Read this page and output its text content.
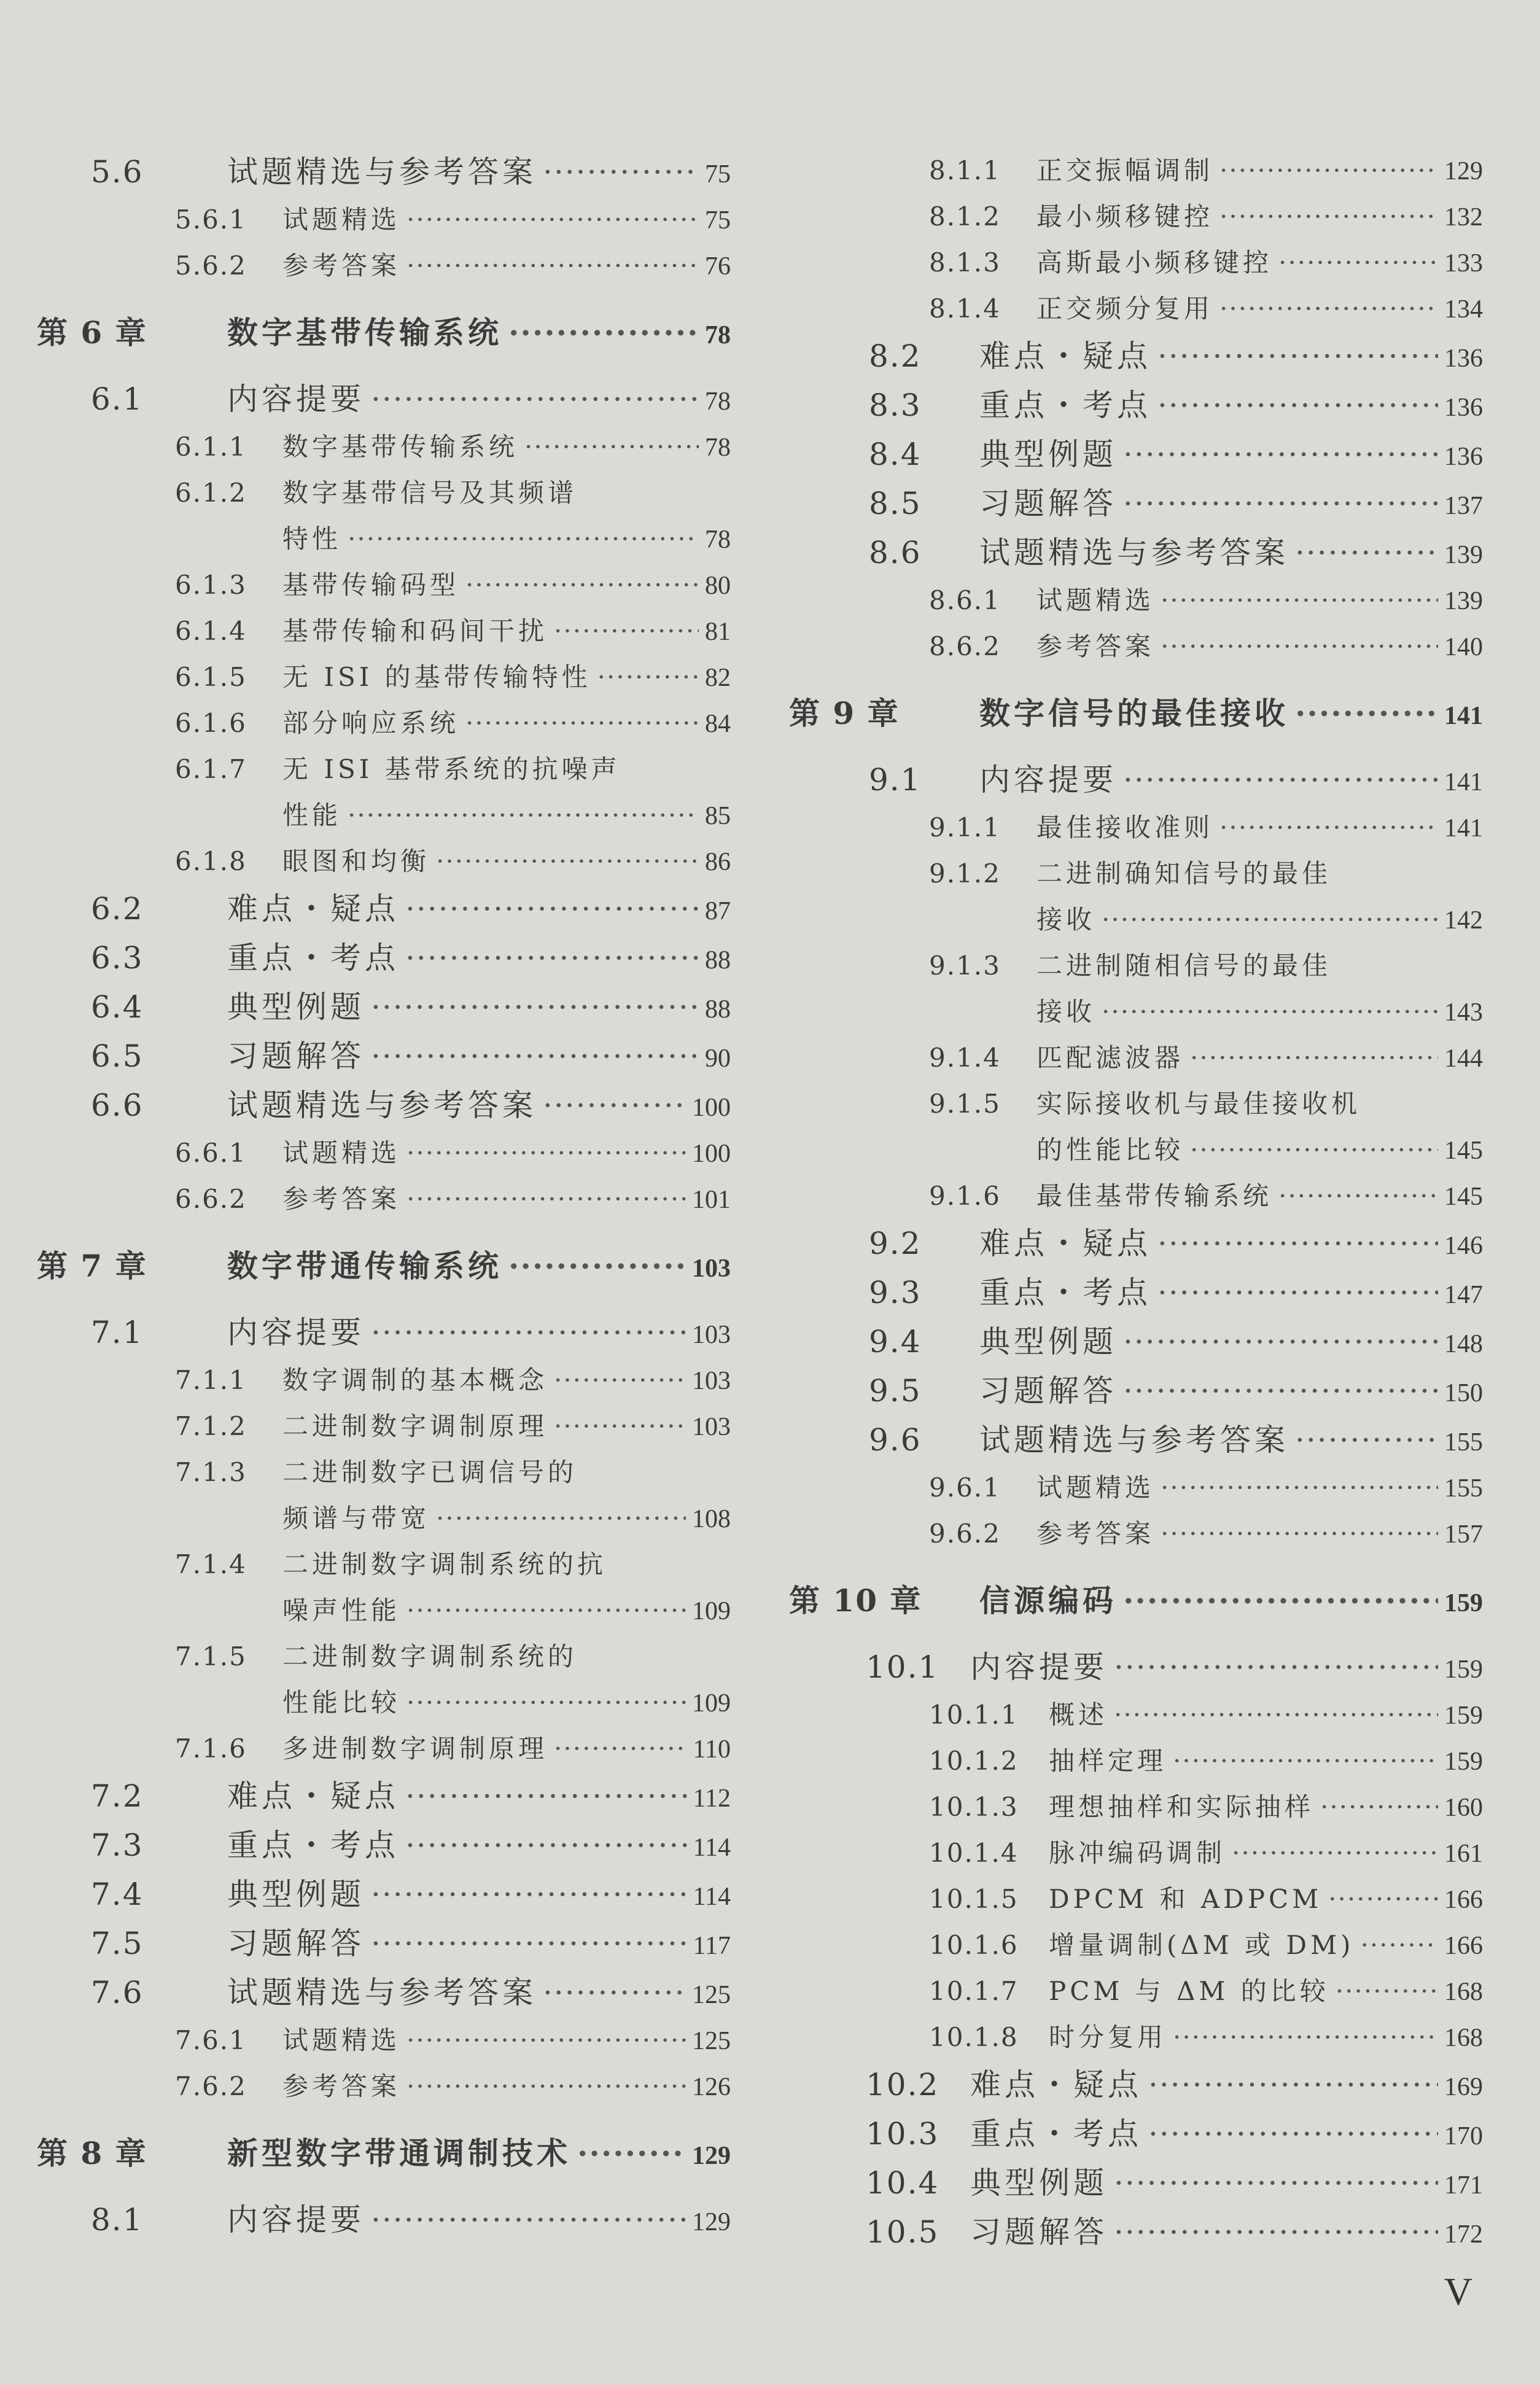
5.6	试题精选与参考答案 ·····	75
5.6.1	试题精选 ·····	75
5.6.2	参考答案 ·····	76
第 6 章	数字基带传输系统 ·····	78
6.1	内容提要 ·····	78
6.1.1	数字基带传输系统 ·····	78
6.1.2	数字基带信号及其频谱
特性 ·····	78
6.1.3	基带传输码型 ·····	80
6.1.4	基带传输和码间干扰 ·····	81
6.1.5	无 ISI 的基带传输特性 ·····	82
6.1.6	部分响应系统 ·····	84
6.1.7	无 ISI 基带系统的抗噪声
性能 ·····	85
6.1.8	眼图和均衡 ·····	86
6.2	难点・疑点 ·····	87
6.3	重点・考点 ·····	88
6.4	典型例题 ·····	88
6.5	习题解答 ·····	90
6.6	试题精选与参考答案 ·····	100
6.6.1	试题精选 ·····	100
6.6.2	参考答案 ·····	101
第 7 章	数字带通传输系统 ·····	103
7.1	内容提要 ·····	103
7.1.1	数字调制的基本概念 ·····	103
7.1.2	二进制数字调制原理 ·····	103
7.1.3	二进制数字已调信号的
频谱与带宽 ·····	108
7.1.4	二进制数字调制系统的抗
噪声性能 ·····	109
7.1.5	二进制数字调制系统的
性能比较 ·····	109
7.1.6	多进制数字调制原理 ·····	110
7.2	难点・疑点 ·····	112
7.3	重点・考点 ·····	114
7.4	典型例题 ·····	114
7.5	习题解答 ·····	117
7.6	试题精选与参考答案 ·····	125
7.6.1	试题精选 ·····	125
7.6.2	参考答案 ·····	126
第 8 章	新型数字带通调制技术 ·····	129
8.1	内容提要 ·····	129
8.1.1	正交振幅调制 ·····	129
8.1.2	最小频移键控 ·····	132
8.1.3	高斯最小频移键控 ·····	133
8.1.4	正交频分复用 ·····	134
8.2	难点・疑点 ·····	136
8.3	重点・考点 ·····	136
8.4	典型例题 ·····	136
8.5	习题解答 ·····	137
8.6	试题精选与参考答案 ·····	139
8.6.1	试题精选 ·····	139
8.6.2	参考答案 ·····	140
第 9 章	数字信号的最佳接收 ·····	141
9.1	内容提要 ·····	141
9.1.1	最佳接收准则 ·····	141
9.1.2	二进制确知信号的最佳
接收 ·····	142
9.1.3	二进制随相信号的最佳
接收 ·····	143
9.1.4	匹配滤波器 ·····	144
9.1.5	实际接收机与最佳接收机
的性能比较 ·····	145
9.1.6	最佳基带传输系统 ·····	145
9.2	难点・疑点 ·····	146
9.3	重点・考点 ·····	147
9.4	典型例题 ·····	148
9.5	习题解答 ·····	150
9.6	试题精选与参考答案 ·····	155
9.6.1	试题精选 ·····	155
9.6.2	参考答案 ·····	157
第 10 章	信源编码 ·····	159
10.1	内容提要 ·····	159
10.1.1	概述 ·····	159
10.1.2	抽样定理 ·····	159
10.1.3	理想抽样和实际抽样 ·····	160
10.1.4	脉冲编码调制 ·····	161
10.1.5	DPCM 和 ADPCM ·····	166
10.1.6	增量调制(ΔM 或 DM) ·····	166
10.1.7	PCM 与 ΔM 的比较 ·····	168
10.1.8	时分复用 ·····	168
10.2	难点・疑点 ·····	169
10.3	重点・考点 ·····	170
10.4	典型例题 ·····	171
10.5	习题解答 ·····	172
V
